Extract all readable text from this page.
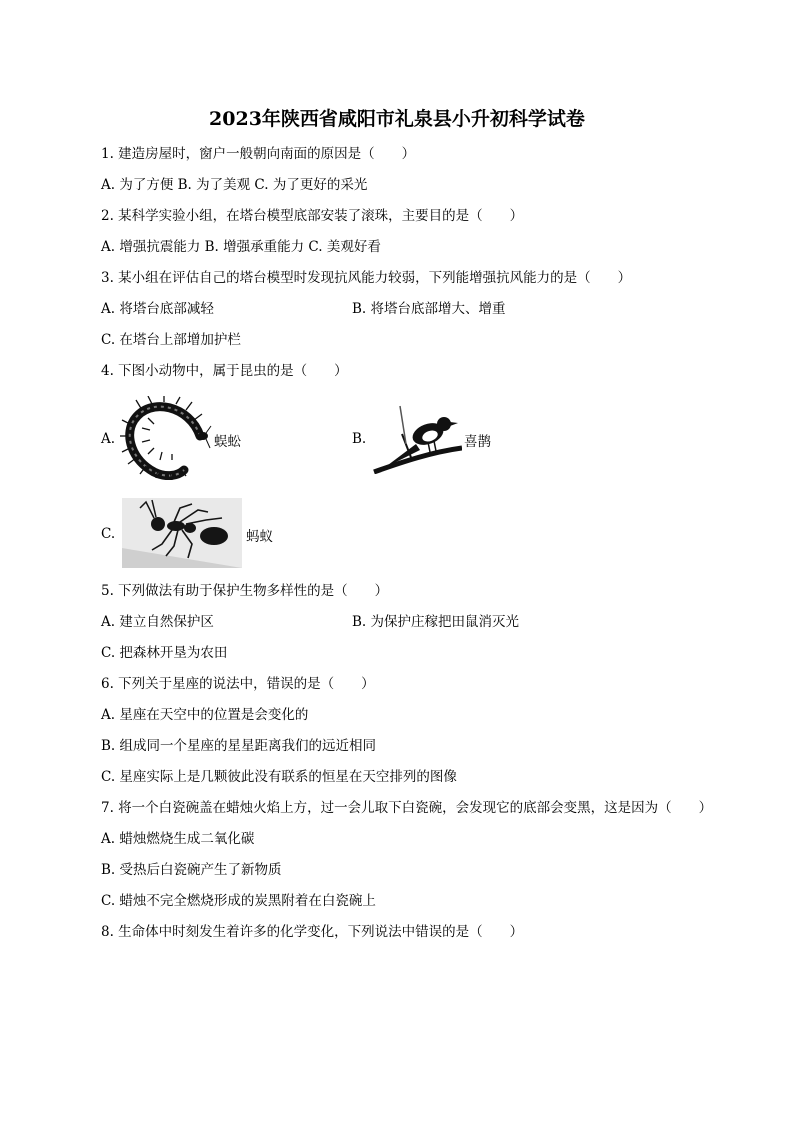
2023年陕西省咸阳市礼泉县小升初科学试卷
1. 建造房屋时，窗户一般朝向南面的原因是（　　）
A. 为了方便 B. 为了美观 C. 为了更好的采光
2. 某科学实验小组，在塔台模型底部安装了滚珠，主要目的是（　　）
A. 增强抗震能力 B. 增强承重能力 C. 美观好看
3. 某小组在评估自己的塔台模型时发现抗风能力较弱，下列能增强抗风能力的是（　　）
A. 将塔台底部减轻	B. 将塔台底部增大、增重
C. 在塔台上部增加护栏
4. 下图小动物中，属于昆虫的是（　　）
A.	蜈蚣	B.	喜鹊
C.	蚂蚁
5. 下列做法有助于保护生物多样性的是（　　）
A. 建立自然保护区	B. 为保护庄稼把田鼠消灭光
C. 把森林开垦为农田
6. 下列关于星座的说法中，错误的是（　　）
A. 星座在天空中的位置是会变化的
B. 组成同一个星座的星星距离我们的远近相同
C. 星座实际上是几颗彼此没有联系的恒星在天空排列的图像
7. 将一个白瓷碗盖在蜡烛火焰上方，过一会儿取下白瓷碗，会发现它的底部会变黑，这是因为（　　）
A. 蜡烛燃烧生成二氧化碳
B. 受热后白瓷碗产生了新物质
C. 蜡烛不完全燃烧形成的炭黑附着在白瓷碗上
8. 生命体中时刻发生着许多的化学变化，下列说法中错误的是（　　）
